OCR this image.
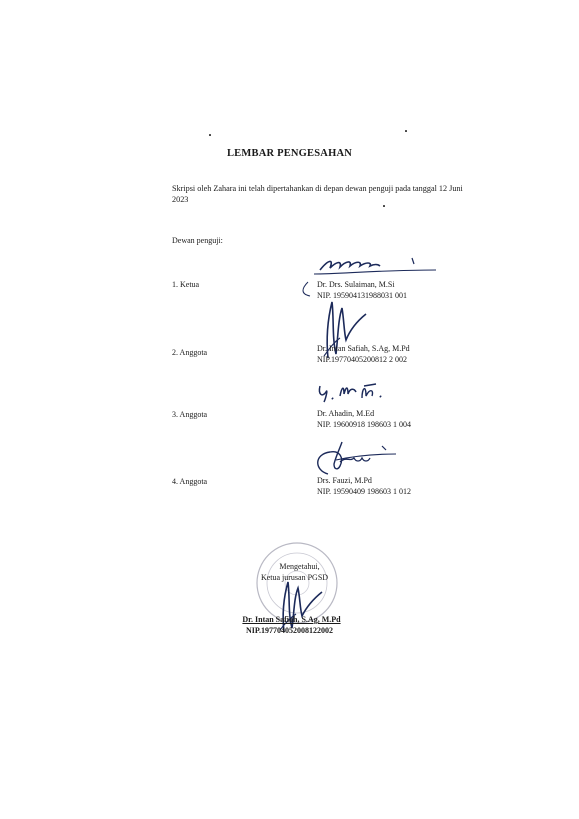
LEMBAR PENGESAHAN
Skripsi oleh Zahara ini telah dipertahankan di depan dewan penguji pada tanggal 12 Juni 2023
Dewan penguji:
1. Ketua	Dr. Drs. Sulaiman, M.Si
NIP. 195904131988031 001
2. Anggota	Dr. Intan Safiah, S.Ag, M.Pd
NIP.19770405200812 2 002
3. Anggota	Dr. Ahadin, M.Ed
NIP. 19600918 198603 1 004
4. Anggota	Drs. Fauzi, M.Pd
NIP. 19590409 198603 1 012
Mengetahui,
Ketua jurusan PGSD
Dr. Intan Safiah, S.Ag, M.Pd
NIP.197704052008122002
